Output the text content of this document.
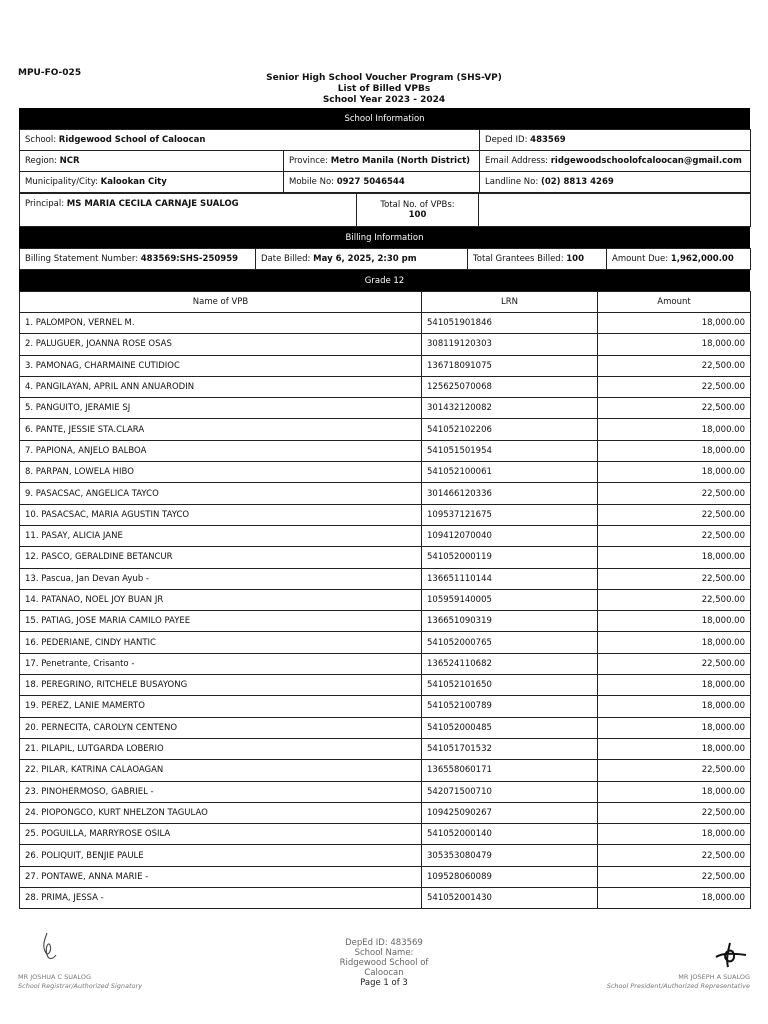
MPU-FO-025	Senior High School Voucher Program (SHS-VP)
List of Billed VPBs
School Year 2023 - 2024
School Information
School: Ridgewood School of Caloocan		Deped ID: 483569
Region: NCR	Province: Metro Manila (North District)	Email Address: ridgewoodschoolofcaloocan@gmail.com
Municipality/City: Kalookan City	Mobile No: 0927 5046544	Landline No: (02) 8813 4269
Principal: MS MARIA CECILA CARNAJE SUALOG	Total No. of VPBs:
100	
Billing Information
Billing Statement Number: 483569:SHS-250959	Date Billed: May 6, 2025, 2:30 pm	Total Grantees Billed: 100	Amount Due: 1,962,000.00
Grade 12
Name of VPB	LRN	Amount
1. PALOMPON, VERNEL M.	541051901846	18,000.00
2. PALUGUER, JOANNA ROSE OSAS	308119120303	18,000.00
3. PAMONAG, CHARMAINE CUTIDIOC	136718091075	22,500.00
4. PANGILAYAN, APRIL ANN ANUARODIN	125625070068	22,500.00
5. PANGUITO, JERAMIE SJ	301432120082	22,500.00
6. PANTE, JESSIE STA.CLARA	541052102206	18,000.00
7. PAPIONA, ANJELO BALBOA	541051501954	18,000.00
8. PARPAN, LOWELA HIBO	541052100061	18,000.00
9. PASACSAC, ANGELICA TAYCO	301466120336	22,500.00
10. PASACSAC, MARIA AGUSTIN TAYCO	109537121675	22,500.00
11. PASAY, ALICIA JANE	109412070040	22,500.00
12. PASCO, GERALDINE BETANCUR	541052000119	18,000.00
13. Pascua, Jan Devan Ayub -	136651110144	22,500.00
14. PATANAO, NOEL JOY BUAN JR	105959140005	22,500.00
15. PATIAG, JOSE MARIA CAMILO PAYEE	136651090319	18,000.00
16. PEDERIANE, CINDY HANTIC	541052000765	18,000.00
17. Penetrante, Crisanto -	136524110682	22,500.00
18. PEREGRINO, RITCHELE BUSAYONG	541052101650	18,000.00
19. PEREZ, LANIE MAMERTO	541052100789	18,000.00
20. PERNECITA, CAROLYN CENTENO	541052000485	18,000.00
21. PILAPIL, LUTGARDA LOBERIO	541051701532	18,000.00
22. PILAR, KATRINA CALAOAGAN	136558060171	22,500.00
23. PINOHERMOSO, GABRIEL -	542071500710	18,000.00
24. PIOPONGCO, KURT NHELZON TAGULAO	109425090267	22,500.00
25. POGUILLA, MARRYROSE OSILA	541052000140	18,000.00
26. POLIQUIT, BENJIE PAULE	305353080479	22,500.00
27. PONTAWE, ANNA MARIE -	109528060089	22,500.00
28. PRIMA, JESSA -	541052001430	18,000.00
MR JOSHUA C SUALOG
School Registrar/Authorized Signatory
DepEd ID: 483569
School Name:
Ridgewood School of Caloocan
Page 1 of 3
MR JOSEPH A SUALOG
School President/Authorized Representative
